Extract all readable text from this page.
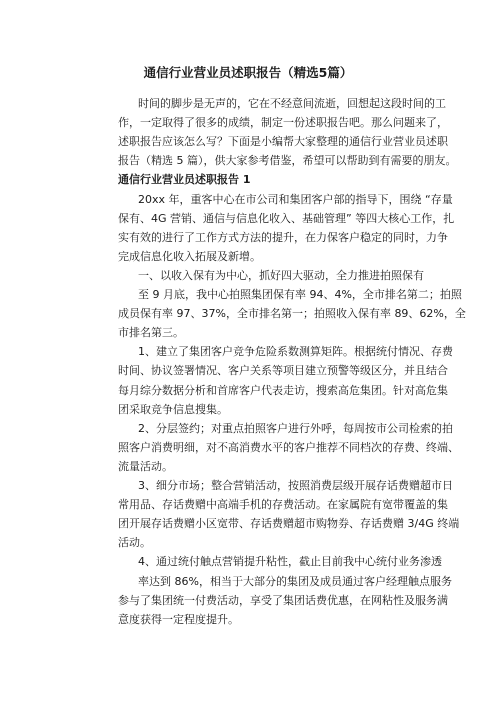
通信行业营业员述职报告（精选5篇）
时间的脚步是无声的，它在不经意间流逝，回想起这段时间的工
作，一定取得了很多的成绩，制定一份述职报告吧。那么问题来了，
述职报告应该怎么写？下面是小编帮大家整理的通信行业营业员述职
报告（精选 5 篇），供大家参考借鉴，希望可以帮助到有需要的朋友。
通信行业营业员述职报告 1
20xx 年，重客中心在市公司和集团客户部的指导下，围绕 “存量
保有、4G 营销、通信与信息化收入、基础管理” 等四大核心工作，扎
实有效的进行了工作方式方法的提升，在力保客户稳定的同时，力争
完成信息化收入拓展及新增。
一、以收入保有为中心，抓好四大驱动，全力推进拍照保有
至 9 月底，我中心拍照集团保有率 94、4%，全市排名第二；拍照
成员保有率 97、37%，全市排名第一；拍照收入保有率 89、62%，全
市排名第三。
1、建立了集团客户竞争危险系数测算矩阵。根据统付情况、存费
时间、协议签署情况、客户关系等项目建立预警等级区分，并且结合
每月综分数据分析和首席客户代表走访，搜索高危集团。针对高危集
团采取竞争信息搜集。
2、分层签约；对重点拍照客户进行外呼，每周按市公司检索的拍
照客户消费明细，对不高消费水平的客户推荐不同档次的存费、终端、
流量活动。
3、细分市场；整合营销活动，按照消费层级开展存话费赠超市日
常用品、存话费赠中高端手机的存费活动。在家属院有宽带覆盖的集
团开展存话费赠小区宽带、存话费赠超市购物券、存话费赠 3/4G 终端
活动。
4、通过统付触点营销提升粘性，截止目前我中心统付业务渗透
率达到 86%，相当于大部分的集团及成员通过客户经理触点服务
参与了集团统一付费活动，享受了集团话费优惠，在网粘性及服务满
意度获得一定程度提升。
